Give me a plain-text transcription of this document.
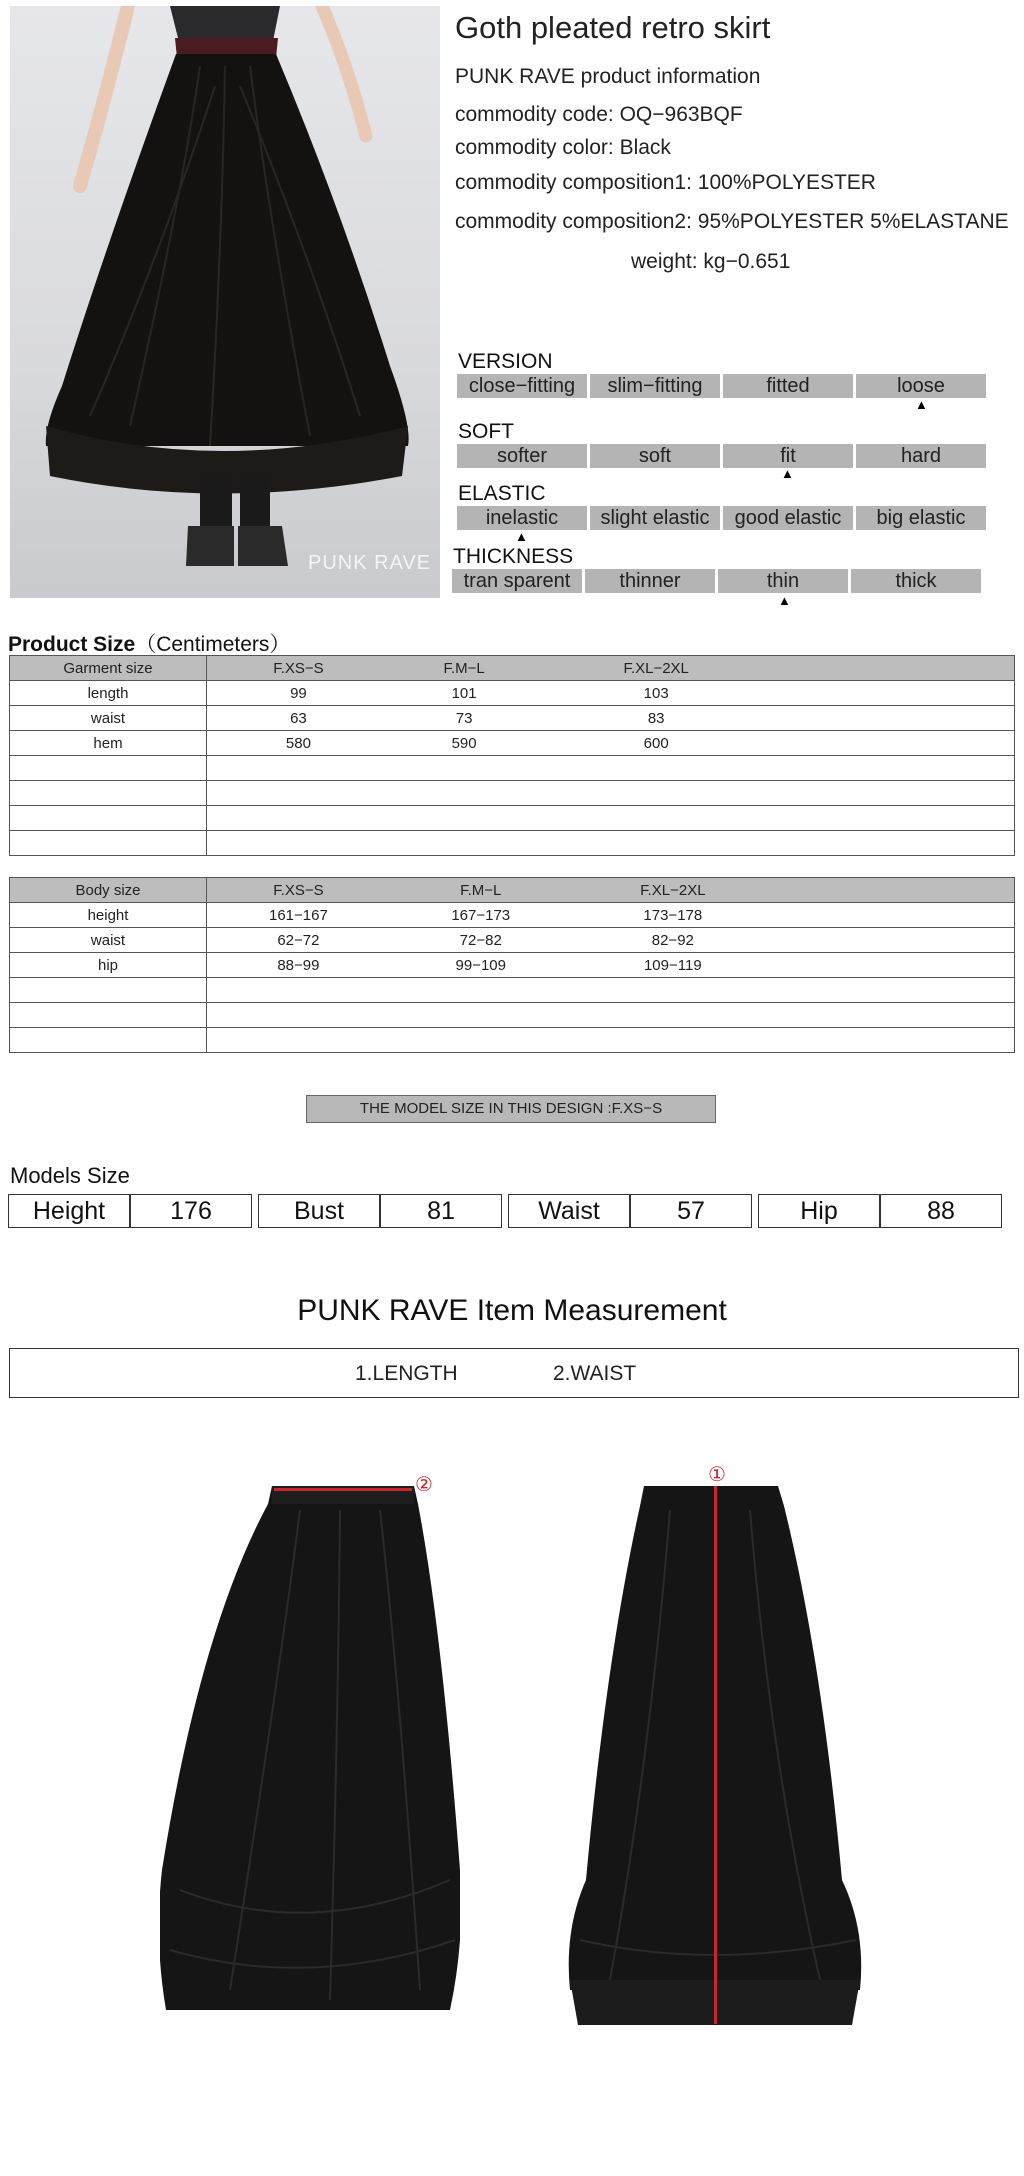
PUNK RAVE
Goth pleated retro skirt
PUNK RAVE product information
commodity code: OQ−963BQF
commodity color: Black
commodity composition1: 100%POLYESTER
commodity composition2: 95%POLYESTER 5%ELASTANE
weight: kg−0.651
VERSION
close−fitting	slim−fitting	fitted	loose
▲
SOFT
softer	soft	fit	hard
▲
ELASTIC
inelastic	slight elastic	good elastic	big elastic
▲
THICKNESS
tran sparent	thinner	thin	thick
▲
Product Size（Centimeters）
Garment size	F.XS−S	F.M−L	F.XL−2XL	
length	99	101	103	
waist	63	73	83	
hem	580	590	600	

Body size	F.XS−S	F.M−L	F.XL−2XL	
height	161−167	167−173	173−178	
waist	62−72	72−82	82−92	
hip	88−99	99−109	109−119	

THE MODEL SIZE IN THIS DESIGN :F.XS−S
Models Size
Height	176		Bust	81		Waist	57		Hip	88
PUNK RAVE Item Measurement
1.LENGTH	2.WAIST
②	①
